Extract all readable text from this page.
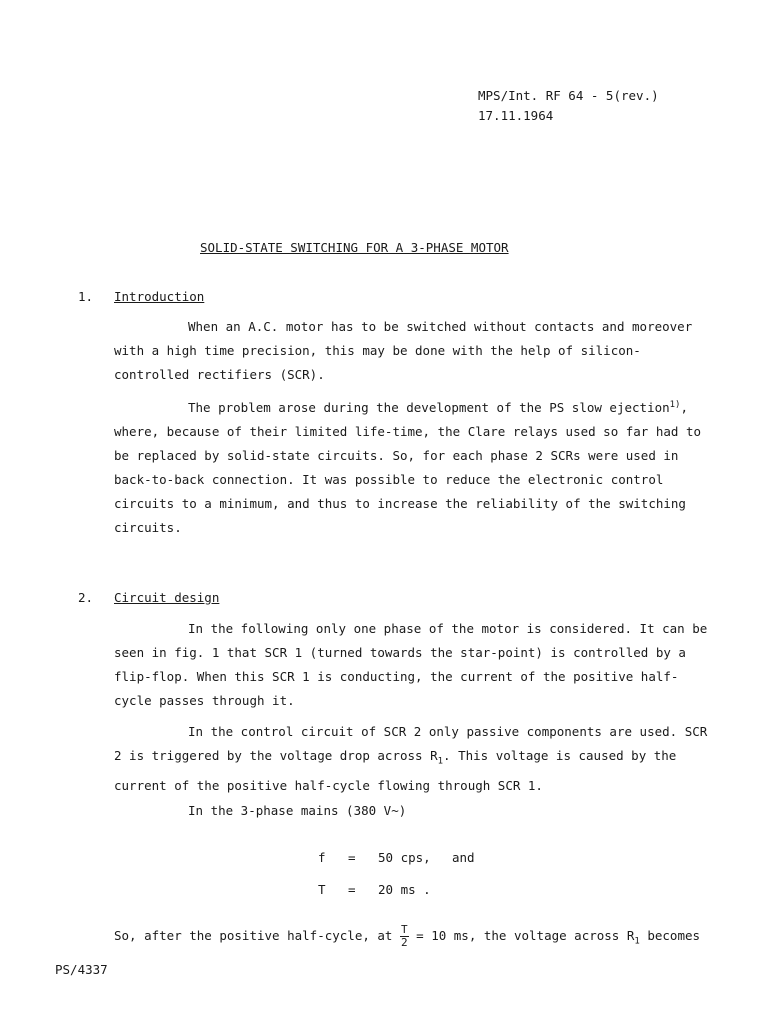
MPS/Int. RF 64 - 5(rev.)
17.11.1964
SOLID-STATE SWITCHING FOR A 3-PHASE MOTOR
1. Introduction
When an A.C. motor has to be switched without contacts and moreover with a high time precision, this may be done with the help of silicon-controlled rectifiers (SCR).
The problem arose during the development of the PS slow ejection$^{1)}$, where, because of their limited life-time, the Clare relays used so far had to be replaced by solid-state circuits. So, for each phase 2 SCRs were used in back-to-back connection. It was possible to reduce the electronic control circuits to a minimum, and thus to increase the reliability of the switching circuits.
2. Circuit design
In the following only one phase of the motor is considered. It can be seen in fig. 1 that SCR 1 (turned towards the star-point) is controlled by a flip-flop. When this SCR 1 is conducting, the current of the positive half-cycle passes through it.
In the control circuit of SCR 2 only passive components are used. SCR 2 is triggered by the voltage drop across $R_1$. This voltage is caused by the current of the positive half-cycle flowing through SCR 1.
In the 3-phase mains (380 V~)
f = 50 cps, and
T = 20 ms .
So, after the positive half-cycle, at $\frac{T}{2} = 10$ ms, the voltage across $R_1$ becomes
PS/4337
